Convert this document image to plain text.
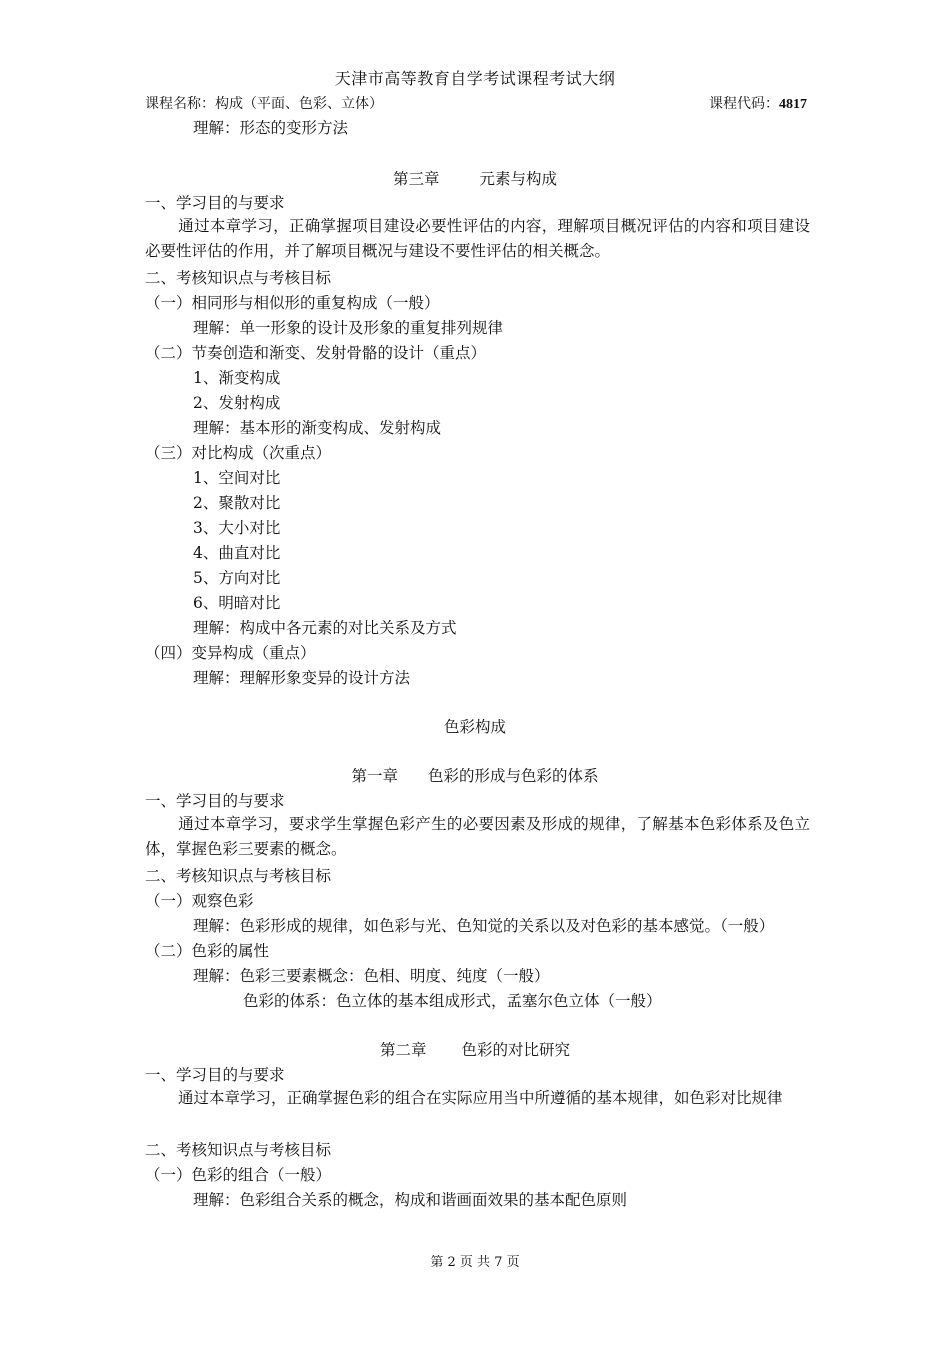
天津市高等教育自学考试课程考试大纲
课程名称：构成（平面、色彩、立体）	课程代码：4817
理解：形态的变形方法
第三章	元素与构成
一、学习目的与要求
通过本章学习，正确掌握项目建设必要性评估的内容，理解项目概况评估的内容和项目建设必要性评估的作用，并了解项目概况与建设不要性评估的相关概念。
二、考核知识点与考核目标
（一）相同形与相似形的重复构成（一般）
理解：单一形象的设计及形象的重复排列规律
（二）节奏创造和渐变、发射骨骼的设计（重点）
1、渐变构成
2、发射构成
理解：基本形的渐变构成、发射构成
（三）对比构成（次重点）
1、空间对比
2、聚散对比
3、大小对比
4、曲直对比
5、方向对比
6、明暗对比
理解：构成中各元素的对比关系及方式
（四）变异构成（重点）
理解：理解形象变异的设计方法
色彩构成
第一章 色彩的形成与色彩的体系
一、学习目的与要求
通过本章学习，要求学生掌握色彩产生的必要因素及形成的规律，了解基本色彩体系及色立体，掌握色彩三要素的概念。
二、考核知识点与考核目标
（一）观察色彩
理解：色彩形成的规律，如色彩与光、色知觉的关系以及对色彩的基本感觉。（一般）
（二）色彩的属性
理解：色彩三要素概念：色相、明度、纯度（一般）
色彩的体系：色立体的基本组成形式，孟塞尔色立体（一般）
第二章 色彩的对比研究
一、学习目的与要求
通过本章学习，正确掌握色彩的组合在实际应用当中所遵循的基本规律，如色彩对比规律
二、考核知识点与考核目标
（一）色彩的组合（一般）
理解：色彩组合关系的概念，构成和谐画面效果的基本配色原则
第 2 页 共 7 页
